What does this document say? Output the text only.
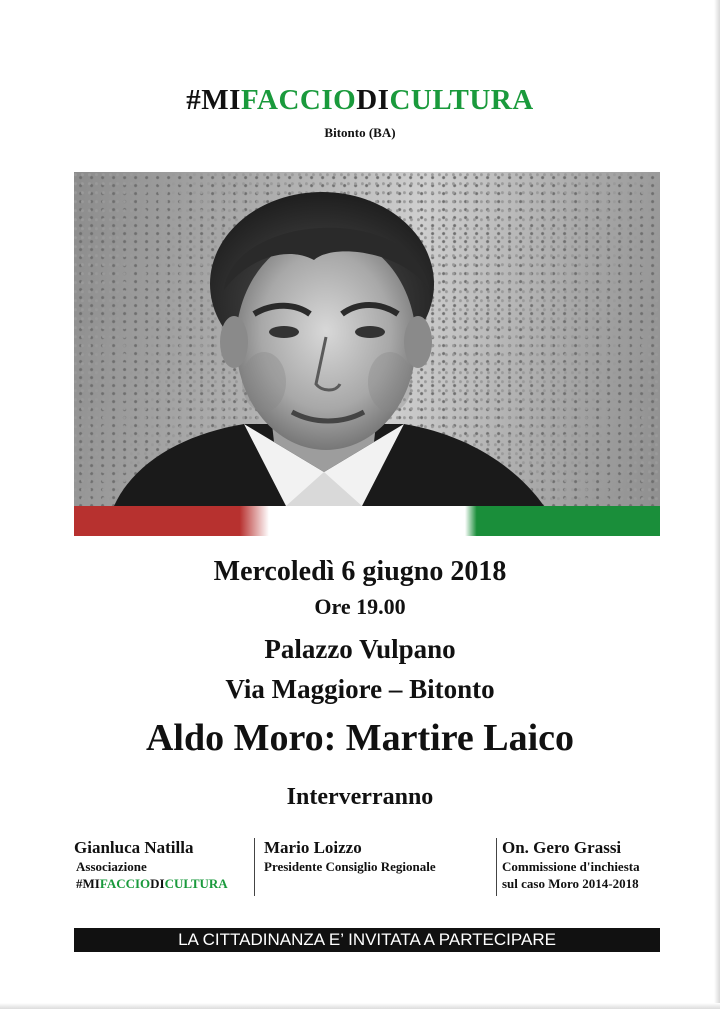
#MIFACCIODICULTURA
Bitonto (BA)
Mercoledì 6 giugno 2018
Ore 19.00
Palazzo Vulpano
Via Maggiore – Bitonto
Aldo Moro: Martire Laico
Interverranno
Gianluca Natilla
Associazione
#MIFACCIODICULTURA
Mario Loizzo
Presidente Consiglio Regionale
On. Gero Grassi
Commissione d'inchiesta
sul caso Moro 2014-2018
LA CITTADINANZA E’ INVITATA A PARTECIPARE
